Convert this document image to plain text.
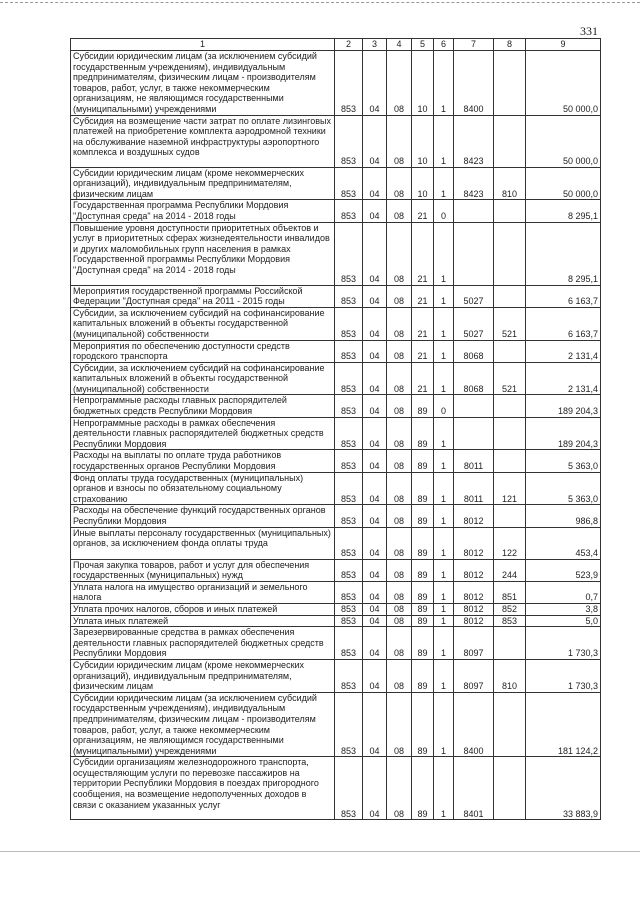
331
1	2	3	4	5	6	7	8	9
Субсидии юридическим лицам (за исключением субсидий государственным учреждениям), индивидуальным предпринимателям, физическим лицам - производителям товаров, работ, услуг, в также некоммерческим организациям, не являющимся государственными (муниципальными) учреждениями	853	04	08	10	1	8400		50 000,0
Субсидия на возмещение части затрат по оплате лизинговых платежей на приобретение комплекта аэродромной техники на обслуживание наземной инфраструктуры аэропортного комплекса и воздушных судов	853	04	08	10	1	8423		50 000,0
Субсидии юридическим лицам (кроме некоммерческих организаций), индивидуальным предпринимателям, физическим лицам	853	04	08	10	1	8423	810	50 000,0
Государственная программа Республики Мордовия "Доступная среда" на 2014 - 2018 годы	853	04	08	21	0			8 295,1
Повышение уровня доступности приоритетных объектов и услуг в приоритетных сферах жизнедеятельности инвалидов и других маломобильных групп населения в рамках Государственной программы Республики Мордовия "Доступная среда" на 2014 - 2018 годы	853	04	08	21	1			8 295,1
Мероприятия государственной программы Российской Федерации "Доступная среда" на 2011 - 2015 годы	853	04	08	21	1	5027		6 163,7
Субсидии, за исключением субсидий на софинансирование капитальных вложений в объекты государственной (муниципальной) собственности	853	04	08	21	1	5027	521	6 163,7
Мероприятия по обеспечению доступности средств городского транспорта	853	04	08	21	1	8068		2 131,4
Субсидии, за исключением субсидий на софинансирование капитальных вложений в объекты государственной (муниципальной) собственности	853	04	08	21	1	8068	521	2 131,4
Непрограммные расходы главных распорядителей бюджетных средств Республики Мордовия	853	04	08	89	0			189 204,3
Непрограммные расходы в рамках обеспечения деятельности главных распорядителей бюджетных средств Республики Мордовия	853	04	08	89	1			189 204,3
Расходы на выплаты по оплате труда работников государственных органов Республики Мордовия	853	04	08	89	1	8011		5 363,0
Фонд оплаты труда государственных (муниципальных) органов и взносы по обязательному социальному страхованию	853	04	08	89	1	8011	121	5 363,0
Расходы на обеспечение функций государственных органов Республики Мордовия	853	04	08	89	1	8012		986,8
Иные выплаты персоналу государственных (муниципальных) органов, за исключением фонда оплаты труда	853	04	08	89	1	8012	122	453,4
Прочая закупка товаров, работ и услуг для обеспечения государственных (муниципальных) нужд	853	04	08	89	1	8012	244	523,9
Уплата налога на имущество организаций и земельного налога	853	04	08	89	1	8012	851	0,7
Уплата прочих налогов, сборов и иных платежей	853	04	08	89	1	8012	852	3,8
Уплата иных платежей	853	04	08	89	1	8012	853	5,0
Зарезервированные средства в рамках обеспечения деятельности главных распорядителей бюджетных средств Республики Мордовия	853	04	08	89	1	8097		1 730,3
Субсидии юридическим лицам (кроме некоммерческих организаций), индивидуальным предпринимателям, физическим лицам	853	04	08	89	1	8097	810	1 730,3
Субсидии юридическим лицам (за исключением субсидий государственным учреждениям), индивидуальным предпринимателям, физическим лицам - производителям товаров, работ, услуг, а также некоммерческим организациям, не являющимся государственными (муниципальными) учреждениями	853	04	08	89	1	8400		181 124,2
Субсидии организациям железнодорожного транспорта, осуществляющим услуги по перевозке пассажиров на территории Республики Мордовия в поездах пригородного сообщения, на возмещение недополученных доходов в связи с оказанием указанных услуг	853	04	08	89	1	8401		33 883,9
